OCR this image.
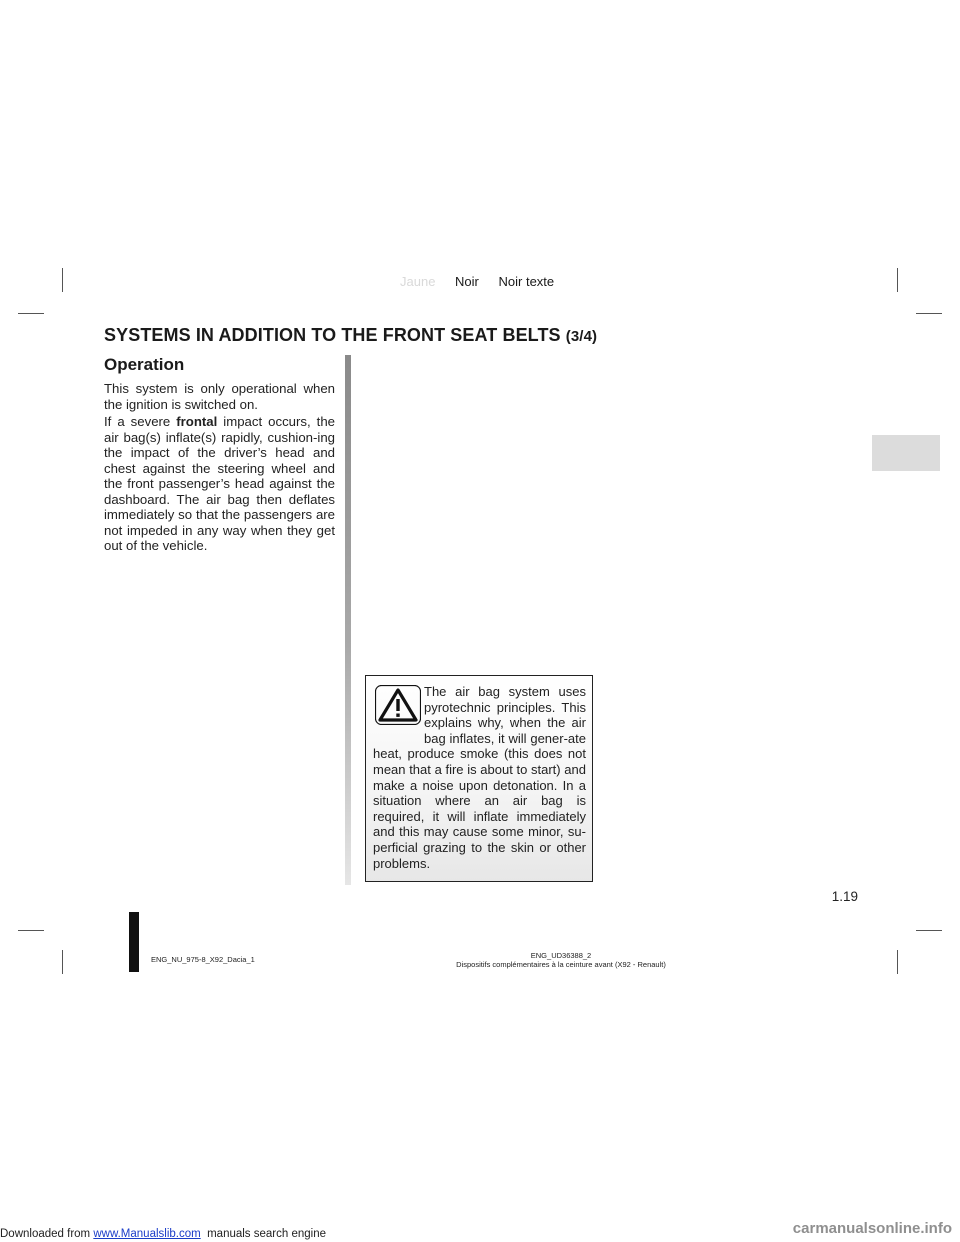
Jaune Noir Noir texte
SYSTEMS IN ADDITION TO THE FRONT SEAT BELTS (3/4)
Operation

This system is only operational when the ignition is switched on.

If a severe frontal impact occurs, the air bag(s) inflate(s) rapidly, cushion-ing the impact of the driver’s head and chest against the steering wheel and the front passenger’s head against the dashboard. The air bag then deflates immediately so that the passengers are not impeded in any way when they get out of the vehicle.

The air bag system uses pyrotechnic principles. This explains why, when the air bag inflates, it will gener-ate heat, produce smoke (this does not mean that a fire is about to start) and make a noise upon detonation. In a situation where an air bag is required, it will inflate immediately and this may cause some minor, su-perficial grazing to the skin or other problems.

1.19
ENG_NU_975-8_X92_Dacia_1	ENG_UD36388_2
Dispositifs complémentaires à la ceinture avant (X92 - Renault)
Downloaded from www.Manualslib.com  manuals search engine	carmanualsonline.info
